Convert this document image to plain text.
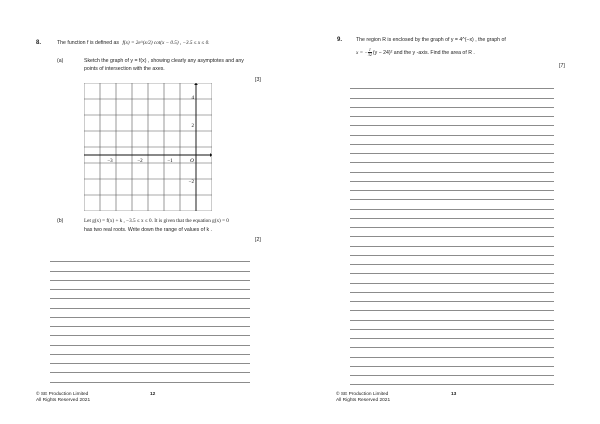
8.	The function f is defined as f(x) = 2e^(x/2) cot(x − 0.5) , −3.5 ≤ x ≤ 0.
(a)	Sketch the graph of y = f(x) , showing clearly any asymptotes and any
points of intersection with the axes.
[3]
−3	−2	−1	O
4
2
−2
(b)	Let g(x) = f(x) + k , −3.5 ≤ x ≤ 0. It is given that the equation g(x) = 0
has two real roots. Write down the range of values of k .
[2]
© SE Production Limited
All Rights Reserved 2021
12
9.	The region R is enclosed by the graph of y = 4^(−x) , the graph of
x = − $\frac{1}{32} (y - 24)^2$ and the y -axis. Find the area of R .
[7]
© SE Production Limited
All Rights Reserved 2021
13
